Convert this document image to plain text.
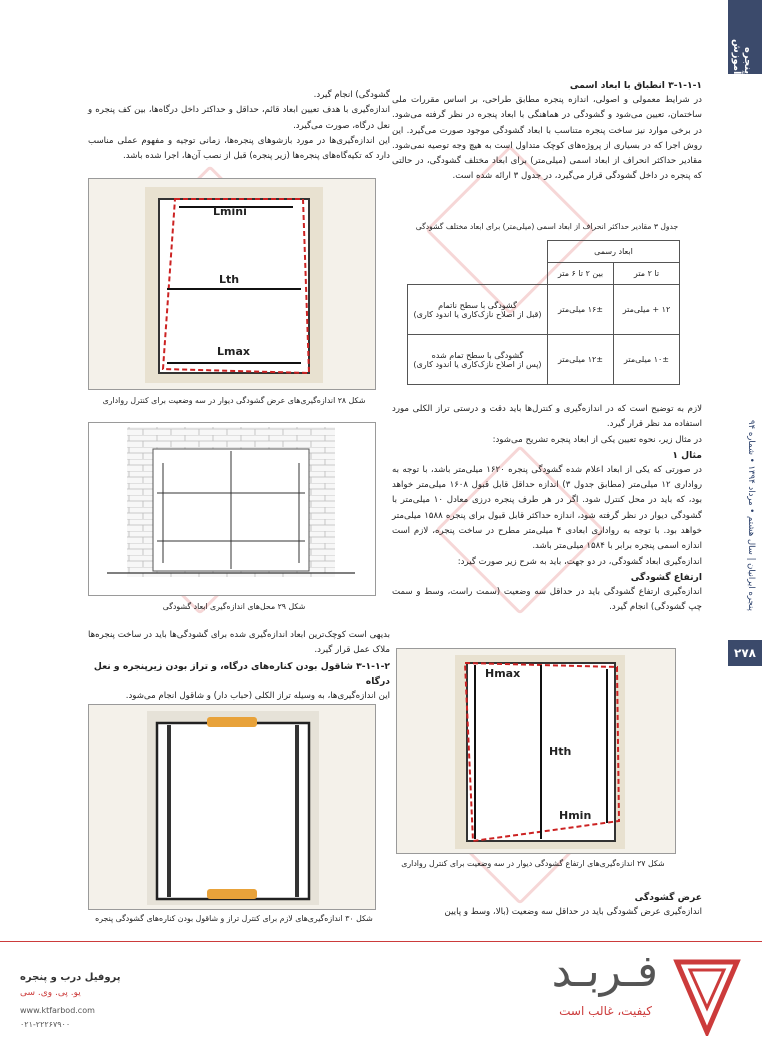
پنجره آموزش
پنجره ایرانیان | سال هشتم • مرداد ۱۳۹۴ • شماره ۹۴
۲۷۸
۳-۱-۱-۱ انطباق با ابعاد اسمی
در شرایط معمولی و اصولی، اندازه پنجره مطابق طراحی، بر اساس مقررات ملی ساختمان، تعیین می‌شود و گشودگی در هماهنگی با ابعاد پنجره در نظر گرفته می‌شود. در برخی موارد نیز ساخت پنجره متناسب با ابعاد گشودگی موجود صورت می‌گیرد. این روش اجرا که در بسیاری از پروژه‌های کوچک متداول است به هیچ وجه توصیه نمی‌شود. مقادیر حداکثر انحراف از ابعاد اسمی (میلی‌متر) برای ابعاد مختلف گشودگی، در حالتی که پنجره در داخل گشودگی قرار می‌گیرد، در جدول ۳ ارائه شده است.
جدول ۳ مقادیر حداکثر انحراف از ابعاد اسمی (میلی‌متر) برای ابعاد مختلف گشودگی
ابعاد رسمی		
تا ۲ متر	بین ۲ تا ۶ متر	
۱۲ + میلی‌متر	۱۶± میلی‌متر	گشودگی با سطح ناتمام
(قبل از اصلاح نازک‌کاری یا اندود کاری)

۱۰± میلی‌متر	۱۲± میلی‌متر	گشودگی با سطح تمام شده
(پس از اصلاح نازک‌کاری یا اندود کاری)
لازم به توضیح است که در اندازه‌گیری و کنترل‌ها باید دقت و درستی تراز الکلی مورد استفاده مد نظر قرار گیرد.
در مثال زیر، نحوه تعیین یکی از ابعاد پنجره تشریح می‌شود:
مثال ۱
در صورتی که یکی از ابعاد اعلام شده گشودگی پنجره ۱۶۲۰ میلی‌متر باشد، با توجه به رواداری ۱۲ میلی‌متر (مطابق جدول ۳) اندازه حداقل قابل قبول ۱۶۰۸ میلی‌متر خواهد بود، که باید در محل کنترل شود. اگر در هر طرف پنجره درزی معادل ۱۰ میلی‌متر با گشودگی دیوار در نظر گرفته شود، اندازه حداکثر قابل قبول برای پنجره ۱۵۸۸ میلی‌متر خواهد بود. با توجه به رواداری ابعادی ۴ میلی‌متر مطرح در ساخت پنجره، لازم است اندازه اسمی پنجره برابر با ۱۵۸۴ میلی‌متر باشد.
اندازه‌گیری ابعاد گشودگی، در دو جهت، باید به شرح زیر صورت گیرد:
ارتفاع گشودگی
اندازه‌گیری ارتفاع گشودگی باید در حداقل سه وضعیت (سمت راست، وسط و سمت چپ گشودگی) انجام گیرد.
Hmax
Hth
Hmin
شکل ۲۷ اندازه‌گیری‌های ارتفاع گشودگی دیوار در سه وضعیت برای کنترل رواداری
عرض گشودگی
اندازه‌گیری عرض گشودگی باید در حداقل سه وضعیت (بالا، وسط و پایین
گشودگی) انجام گیرد.
اندازه‌گیری با هدف تعیین ابعاد قائم، حداقل و حداکثر داخل درگاه‌ها، بین کف پنجره و نعل درگاه، صورت می‌گیرد.
این اندازه‌گیری‌ها در مورد بازشوهای پنجره‌ها، زمانی توجیه و مفهوم عملی مناسب دارد که تکیه‌گاه‌های پنجره‌ها (زیر پنجره) قبل از نصب آن‌ها، اجرا شده باشد.
Lmini
Lth
Lmax
شکل ۲۸ اندازه‌گیری‌های عرض گشودگی دیوار در سه وضعیت برای کنترل رواداری
شکل ۲۹ محل‌های اندازه‌گیری ابعاد گشودگی
بدیهی است کوچک‌ترین ابعاد اندازه‌گیری شده برای گشودگی‌ها باید در ساخت پنجره‌ها ملاک عمل قرار گیرد.
۳-۱-۱-۲ شاقول بودن کناره‌های درگاه، و تراز بودن زیرپنجره و نعل درگاه
این اندازه‌گیری‌ها، به وسیله تراز الکلی (حباب دار) و شاقول انجام می‌شود.
شکل ۳۰ اندازه‌گیری‌های لازم برای کنترل تراز و شاقول بودن کناره‌های گشودگی پنجره
فـربـد
کیفیت، غالب است
پروفیل درب و پنجره
یو. پی. وی. سی
www.ktfarbod.com
۰۲۱-۲۲۲۶۷۹۰۰
